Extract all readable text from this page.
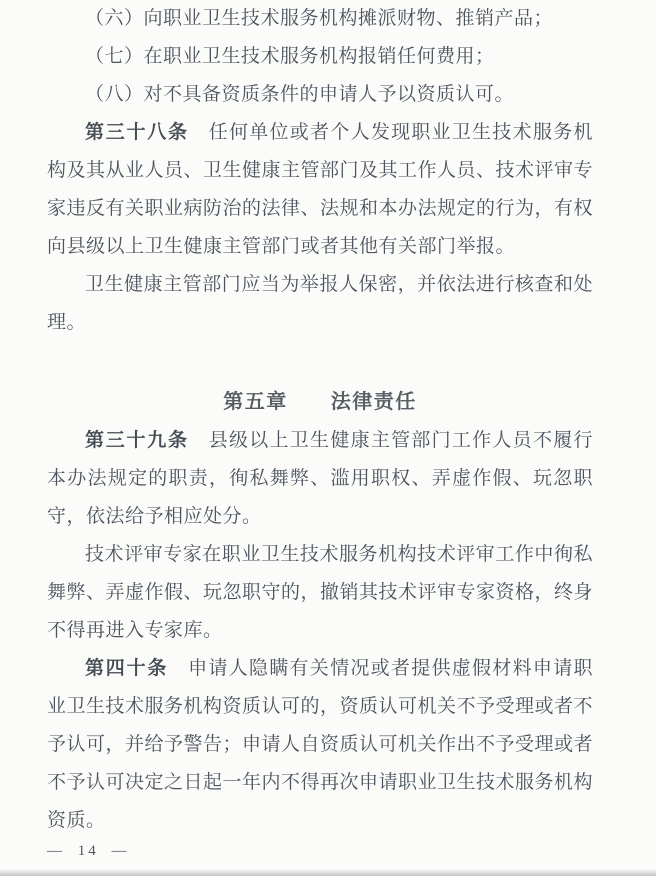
（六）向职业卫生技术服务机构摊派财物、推销产品；

（七）在职业卫生技术服务机构报销任何费用；

（八）对不具备资质条件的申请人予以资质认可。

第三十八条 任何单位或者个人发现职业卫生技术服务机构及其从业人员、卫生健康主管部门及其工作人员、技术评审专家违反有关职业病防治的法律、法规和本办法规定的行为，有权向县级以上卫生健康主管部门或者其他有关部门举报。

卫生健康主管部门应当为举报人保密，并依法进行核查和处理。

第五章　　法律责任

第三十九条 县级以上卫生健康主管部门工作人员不履行本办法规定的职责，徇私舞弊、滥用职权、弄虚作假、玩忽职守，依法给予相应处分。

技术评审专家在职业卫生技术服务机构技术评审工作中徇私舞弊、弄虚作假、玩忽职守的，撤销其技术评审专家资格，终身不得再进入专家库。

第四十条 申请人隐瞒有关情况或者提供虚假材料申请职业卫生技术服务机构资质认可的，资质认可机关不予受理或者不予认可，并给予警告；申请人自资质认可机关作出不予受理或者不予认可决定之日起一年内不得再次申请职业卫生技术服务机构资质。

— 14 —
